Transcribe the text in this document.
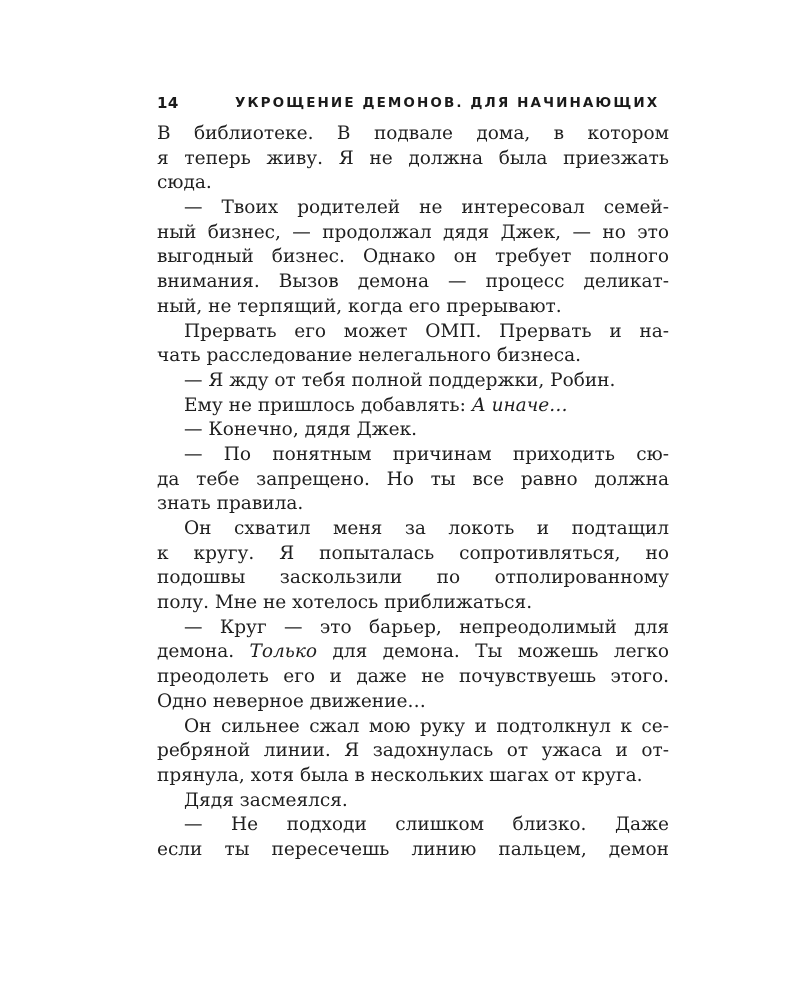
14	УКРОЩЕНИЕ ДЕМОНОВ. ДЛЯ НАЧИНАЮЩИХ
В библиотеке. В подвале дома, в котором
я теперь живу. Я не должна была приезжать
сюда.
— Твоих родителей не интересовал семей-
ный бизнес, — продолжал дядя Джек, — но это
выгодный бизнес. Однако он требует полного
внимания. Вызов демона — процесс деликат-
ный, не терпящий, когда его прерывают.
Прервать его может ОМП. Прервать и на-
чать расследование нелегального бизнеса.
— Я жду от тебя полной поддержки, Робин.
Ему не пришлось добавлять: А иначе…
— Конечно, дядя Джек.
— По понятным причинам приходить сю-
да тебе запрещено. Но ты все равно должна
знать правила.
Он схватил меня за локоть и подтащил
к кругу. Я попыталась сопротивляться, но
подошвы заскользили по отполированному
полу. Мне не хотелось приближаться.
— Круг — это барьер, непреодолимый для
демона. Только для демона. Ты можешь легко
преодолеть его и даже не почувствуешь этого.
Одно неверное движение…
Он сильнее сжал мою руку и подтолкнул к се-
ребряной линии. Я задохнулась от ужаса и от-
прянула, хотя была в нескольких шагах от круга.
Дядя засмеялся.
— Не подходи слишком близко. Даже
если ты пересечешь линию пальцем, демон
